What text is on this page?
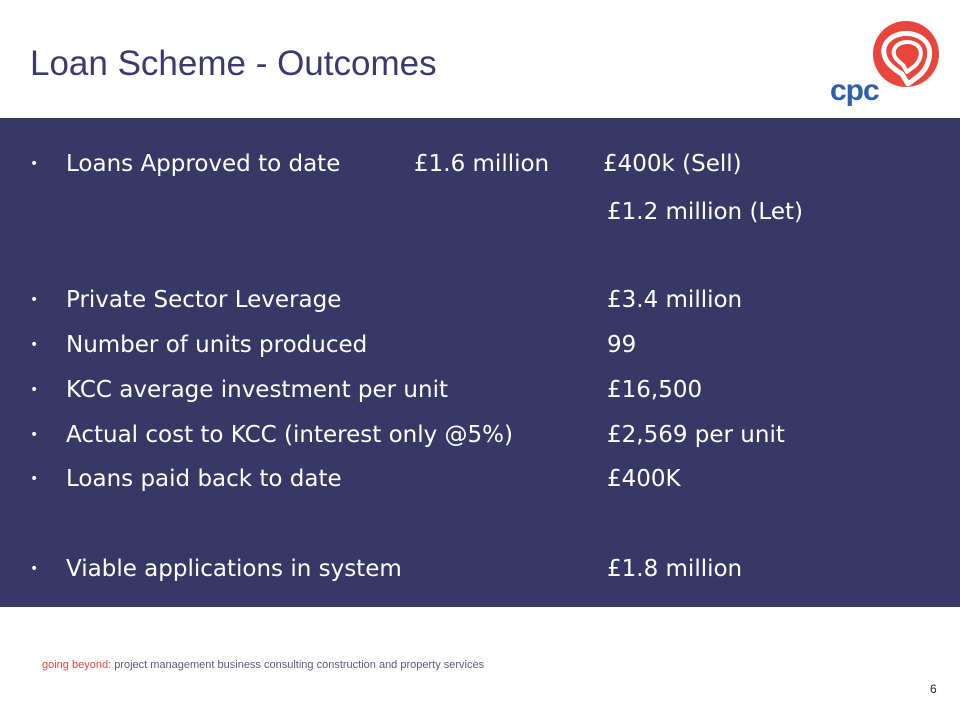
Loan Scheme - Outcomes
cpc
• Loans Approved to date	£1.6 million £400k (Sell)
£1.2 million (Let)
• Private Sector Leverage	£3.4 million
• Number of units produced	99
• KCC average investment per unit	£16,500
• Actual cost to KCC (interest only @5%)	£2,569 per unit
• Loans paid back to date	£400K
• Viable applications in system	£1.8 million
going beyond: project management business consulting construction and property services
6
